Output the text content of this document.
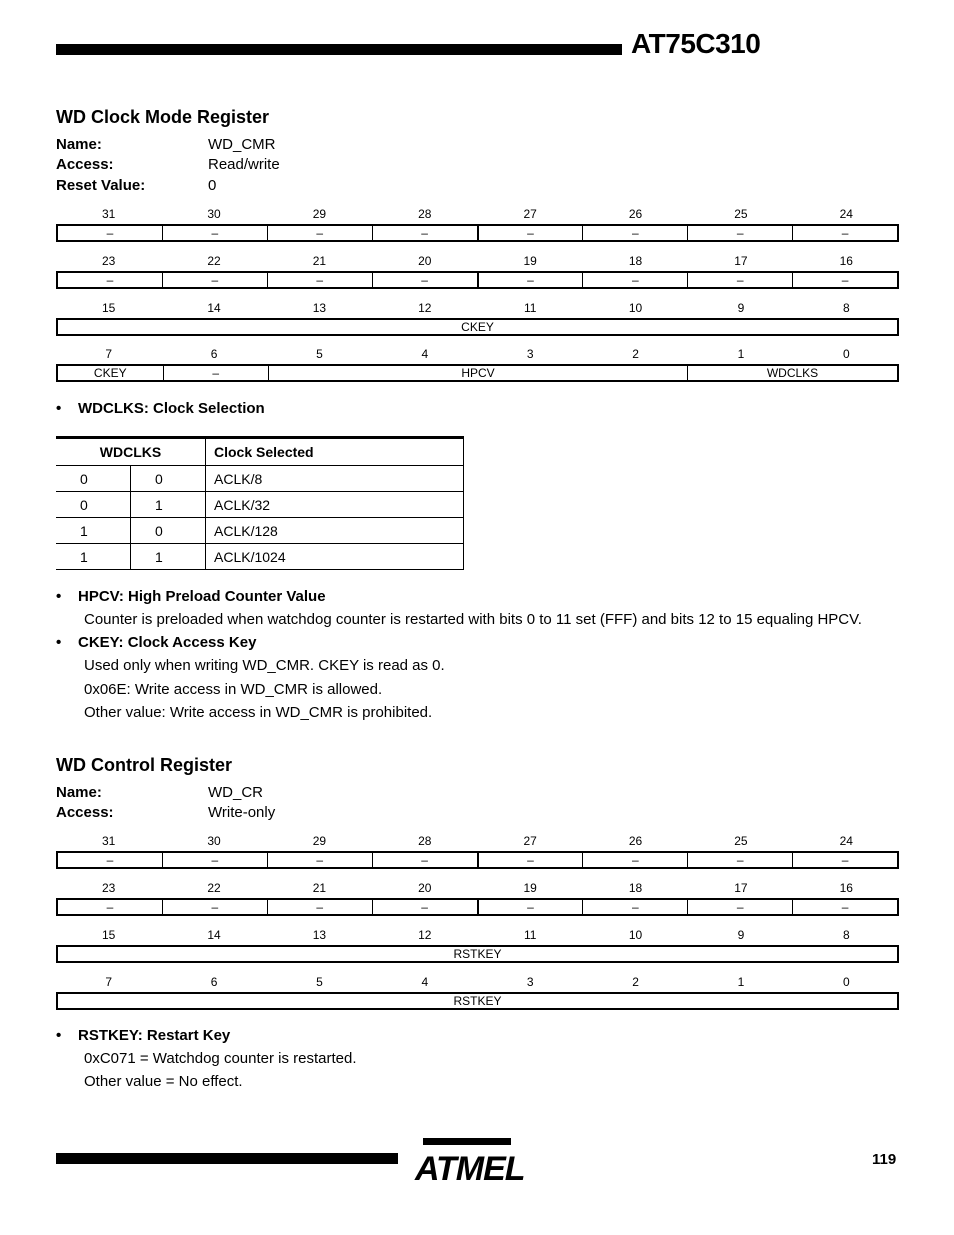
AT75C310
WD Clock Mode Register
Name:	WD_CMR
Access:	Read/write
Reset Value:	0
31	30	29	28	27	26	25	24
–	–	–	–	–	–	–	–
23	22	21	20	19	18	17	16
–	–	–	–	–	–	–	–
15	14	13	12	11	10	9	8
CKEY
7	6	5	4	3	2	1	0
CKEY	–	HPCV	WDCLKS
• WDCLKS: Clock Selection
WDCLKS		Clock Selected
0	0	ACLK/8
0	1	ACLK/32
1	0	ACLK/128
1	1	ACLK/1024
• HPCV: High Preload Counter Value
Counter is preloaded when watchdog counter is restarted with bits 0 to 11 set (FFF) and bits 12 to 15 equaling HPCV.
• CKEY: Clock Access Key
Used only when writing WD_CMR. CKEY is read as 0.
0x06E: Write access in WD_CMR is allowed.
Other value: Write access in WD_CMR is prohibited.
WD Control Register
Name:	WD_CR
Access:	Write-only
31	30	29	28	27	26	25	24
–	–	–	–	–	–	–	–
23	22	21	20	19	18	17	16
–	–	–	–	–	–	–	–
15	14	13	12	11	10	9	8
RSTKEY
7	6	5	4	3	2	1	0
RSTKEY
• RSTKEY: Restart Key
0xC071 = Watchdog counter is restarted.
Other value = No effect.
ATMEL	119
